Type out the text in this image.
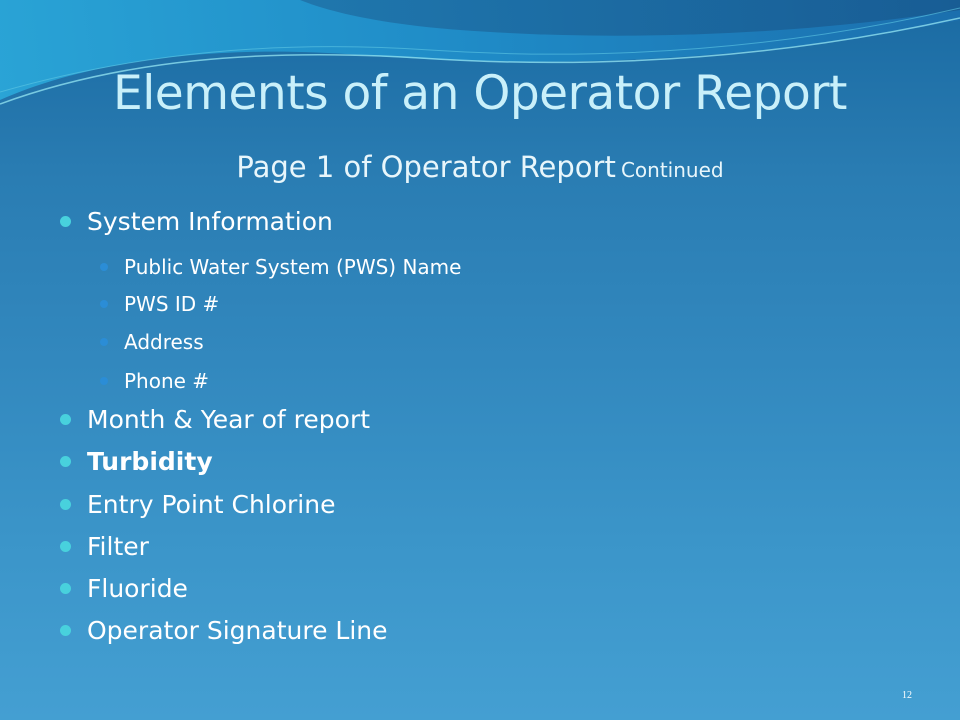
Elements of an Operator Report
Page 1 of Operator Report Continued
System Information
Public Water System (PWS) Name
PWS ID #
Address
Phone #
Month & Year of report
Turbidity
Entry Point Chlorine
Filter
Fluoride
Operator Signature Line
12
